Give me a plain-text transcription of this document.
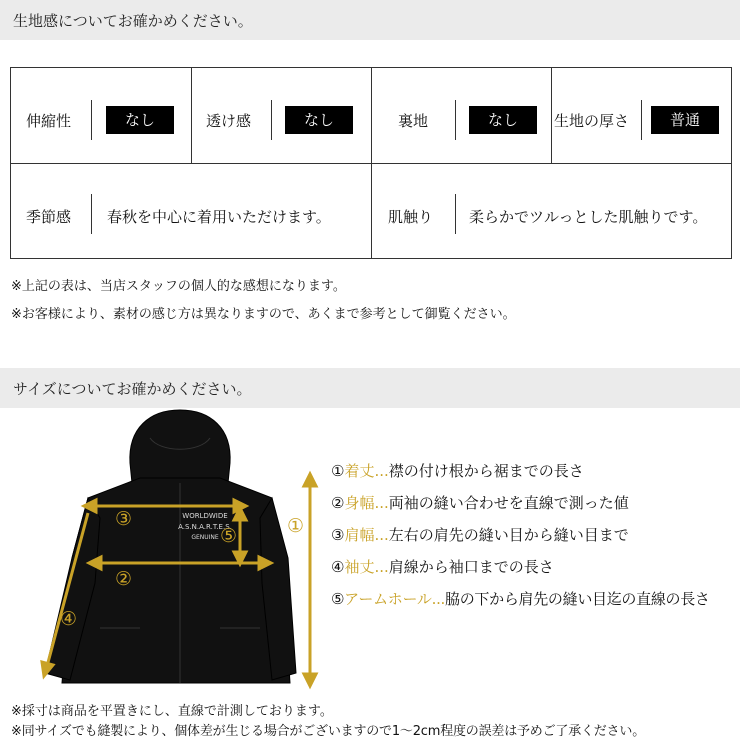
生地感についてお確かめください。
伸縮性	なし	透け感	なし	裏地	なし	生地の厚さ	普通
季節感 春秋を中心に着用いただけます。	肌触り 柔らかでツルっとした肌触りです。
※上記の表は、当店スタッフの個人的な感想になります。
※お客様により、素材の感じ方は異なりますので、あくまで参考として御覧ください。
サイズについてお確かめください。
WORLDWIDE
A.S.N.A.R.T.E.S.
GENUINE
③
②
①
④
⑤
①着丈...襟の付け根から裾までの長さ
②身幅...両袖の縫い合わせを直線で測った値
③肩幅...左右の肩先の縫い目から縫い目まで
④袖丈...肩線から袖口までの長さ
⑤アームホール...脇の下から肩先の縫い目迄の直線の長さ
※採寸は商品を平置きにし、直線で計測しております。
※同サイズでも縫製により、個体差が生じる場合がございますので1～2cm程度の誤差は予めご了承ください。
